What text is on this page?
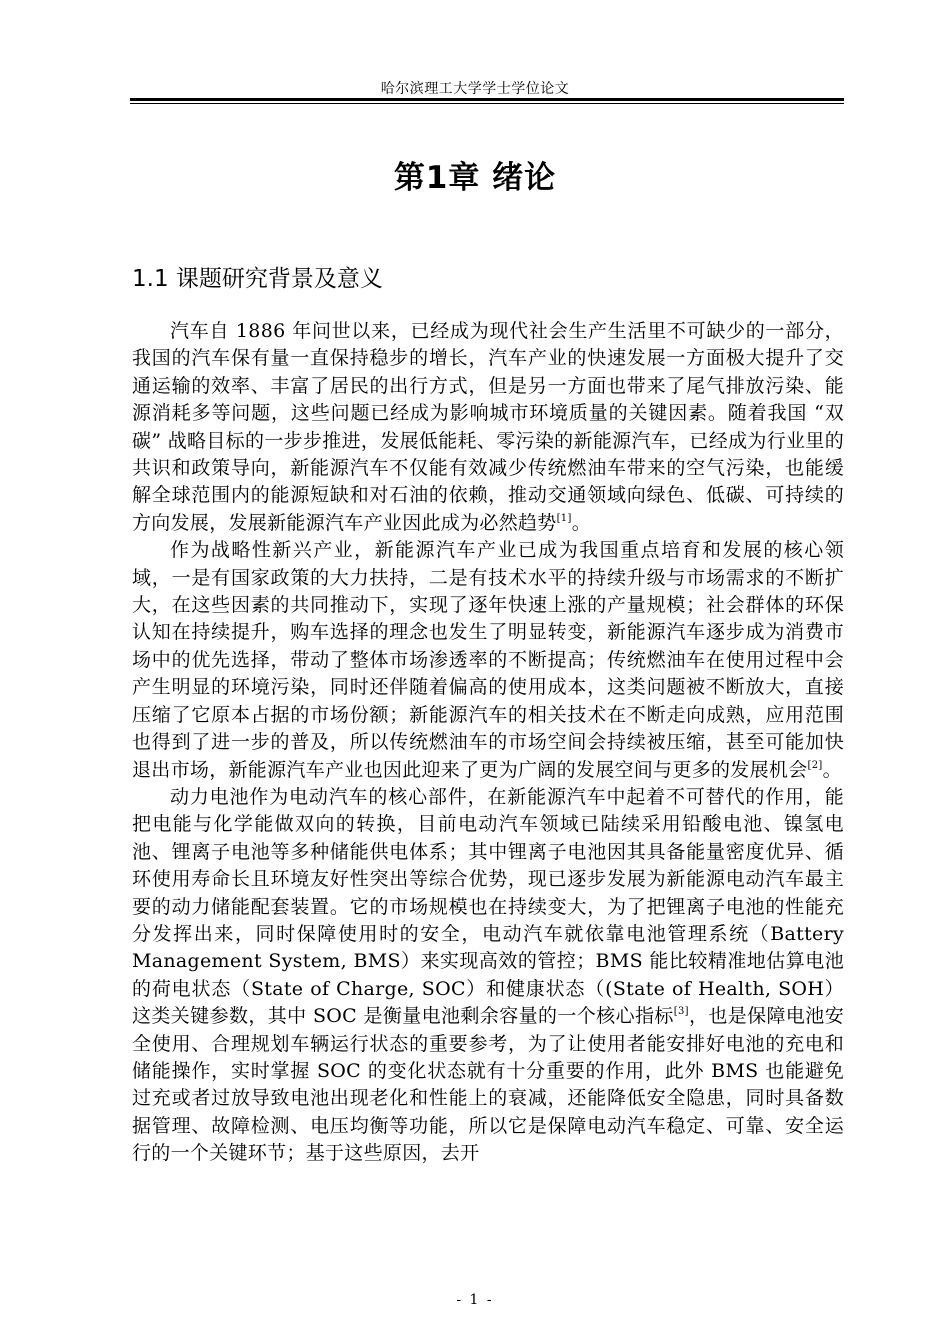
哈尔滨理工大学学士学位论文
第1章 绪论
1.1 课题研究背景及意义

汽车自 1886 年问世以来，已经成为现代社会生产生活里不可缺少的一部分，我国的汽车保有量一直保持稳步的增长，汽车产业的快速发展一方面极大提升了交通运输的效率、丰富了居民的出行方式，但是另一方面也带来了尾气排放污染、能源消耗多等问题，这些问题已经成为影响城市环境质量的关键因素。随着我国 “双碳” 战略目标的一步步推进，发展低能耗、零污染的新能源汽车，已经成为行业里的共识和政策导向，新能源汽车不仅能有效减少传统燃油车带来的空气污染，也能缓解全球范围内的能源短缺和对石油的依赖，推动交通领域向绿色、低碳、可持续的方向发展，发展新能源汽车产业因此成为必然趋势[1]。

作为战略性新兴产业，新能源汽车产业已成为我国重点培育和发展的核心领域，一是有国家政策的大力扶持，二是有技术水平的持续升级与市场需求的不断扩大，在这些因素的共同推动下，实现了逐年快速上涨的产量规模；社会群体的环保认知在持续提升，购车选择的理念也发生了明显转变，新能源汽车逐步成为消费市场中的优先选择，带动了整体市场渗透率的不断提高；传统燃油车在使用过程中会产生明显的环境污染，同时还伴随着偏高的使用成本，这类问题被不断放大，直接压缩了它原本占据的市场份额；新能源汽车的相关技术在不断走向成熟，应用范围也得到了进一步的普及，所以传统燃油车的市场空间会持续被压缩，甚至可能加快退出市场，新能源汽车产业也因此迎来了更为广阔的发展空间与更多的发展机会[2]。

动力电池作为电动汽车的核心部件，在新能源汽车中起着不可替代的作用，能把电能与化学能做双向的转换，目前电动汽车领域已陆续采用铅酸电池、镍氢电池、锂离子电池等多种储能供电体系；其中锂离子电池因其具备能量密度优异、循环使用寿命长且环境友好性突出等综合优势，现已逐步发展为新能源电动汽车最主要的动力储能配套装置。它的市场规模也在持续变大，为了把锂离子电池的性能充分发挥出来，同时保障使用时的安全，电动汽车就依靠电池管理系统（Battery Management System, BMS）来实现高效的管控；BMS 能比较精准地估算电池的荷电状态（State of Charge, SOC）和健康状态（(State of Health, SOH）这类关键参数，其中 SOC 是衡量电池剩余容量的一个核心指标[3]，也是保障电池安全使用、合理规划车辆运行状态的重要参考，为了让使用者能安排好电池的充电和储能操作，实时掌握 SOC 的变化状态就有十分重要的作用，此外 BMS 也能避免过充或者过放导致电池出现老化和性能上的衰减，还能降低安全隐患，同时具备数据管理、故障检测、电压均衡等功能，所以它是保障电动汽车稳定、可靠、安全运行的一个关键环节；基于这些原因，去开

- 1 -
